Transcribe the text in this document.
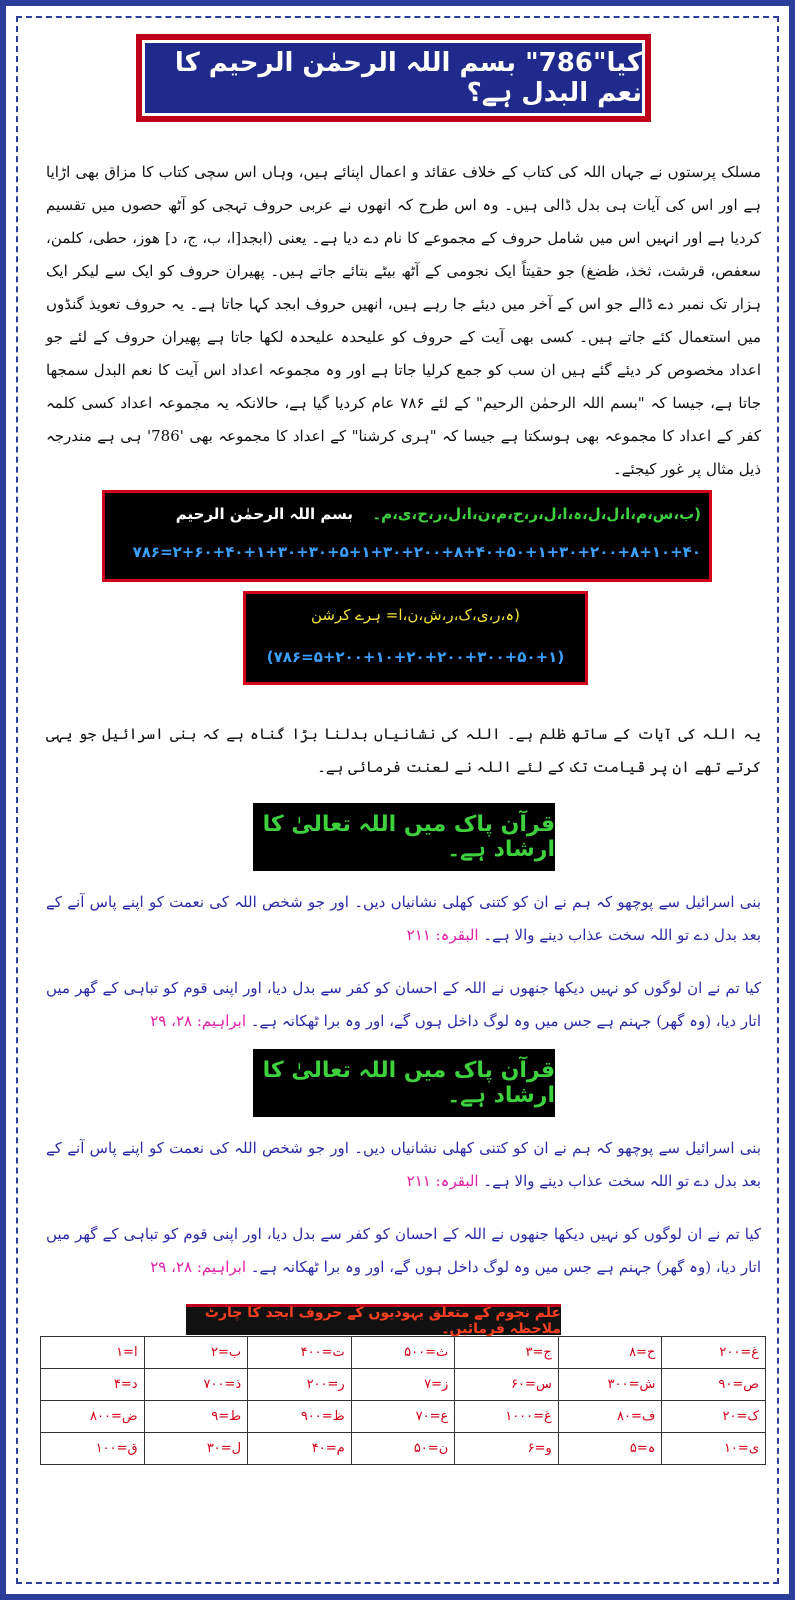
کیا"786" بسم اللہ الرحمٰن الرحیم کا نعم البدل ہے؟
مسلک پرستوں نے جہاں اللہ کی کتاب کے خلاف عقائد و اعمال اپنائے ہیں، وہاں اس سچی کتاب کا مزاق بھی اڑایا ہے اور اس کی آیات ہی بدل ڈالی ہیں۔ وہ اس طرح کہ انھوں نے عربی حروف تہجی کو آٹھ حصوں میں تقسیم کردیا ہے اور انہیں اس میں شامل حروف کے مجموعے کا نام دے دیا ہے۔ یعنی (ابجد[ا، ب، ج، د] ھوز، حطی، کلمن، سعفص، قرشت، ثخذ، ظضغ) جو حقیتاً ایک نجومی کے آٹھ بیٹے بتائے جاتے ہیں۔ پھیران حروف کو ایک سے لیکر ایک ہزار تک نمبر دے ڈالے جو اس کے آخر میں دیئے جا رہے ہیں، انھیں حروف ابجد کہا جاتا ہے۔ یہ حروف تعویذ گنڈوں میں استعمال کئے جاتے ہیں۔ کسی بھی آیت کے حروف کو علیحدہ علیحدہ لکھا جاتا ہے پھیران حروف کے لئے جو اعداد مخصوص کر دیئے گئے ہیں ان سب کو جمع کرلیا جاتا ہے اور وہ مجموعہ اعداد اس آیت کا نعم البدل سمجھا جاتا ہے، جیسا کہ "بسم اللہ الرحمٰن الرحیم" کے لئے ۷۸۶ عام کردیا گیا ہے، حالانکہ یہ مجموعہ اعداد کسی کلمہ کفر کے اعداد کا مجموعہ بھی ہوسکتا ہے جیسا کہ "ہری کرشنا" کے اعداد کا مجموعہ بھی '786' ہی ہے مندرجہ ذیل مثال پر غور کیجئے۔
(ب،س،م،ا،ل،ل،ہ،ا،ل،ر،ح،م،ن،ا،ل،ر،ح،ی،م۔ بسم اللہ الرحمٰن الرحیم
۲+۶۰+۴۰+۱+۳۰+۳۰+۵+۱+۳۰+۲۰۰+۸+۴۰+۵۰+۱+۳۰+۲۰۰+۸+۱۰+۴۰=۷۸۶
(ہ،ر،ی،ک،ر،ش،ن،ا= ہرے کرشن
(۵+۲۰۰+۱۰+۲۰+۲۰۰+۳۰۰+۵۰+۱=۷۸۶)
یہ اللہ کی آیات کے ساتھ ظلم ہے۔ اللہ کی نشانیاں بدلنا بڑا گناہ ہے کہ بنی اسرائیل جو یہی کرتے تھے ان پر قیامت تک کے لئے اللہ نے لعنت فرمائی ہے۔
قرآن پاک میں اللہ تعالیٰ کا ارشاد ہے۔
بنی اسرائیل سے پوچھو کہ ہم نے ان کو کتنی کھلی نشانیاں دیں۔ اور جو شخص اللہ کی نعمت کو اپنے پاس آنے کے بعد بدل دے تو اللہ سخت عذاب دینے والا ہے۔ البقرہ: ۲۱۱
کیا تم نے ان لوگوں کو نہیں دیکھا جنھوں نے اللہ کے احسان کو کفر سے بدل دیا، اور اپنی قوم کو تباہی کے گھر میں اتار دیا، (وہ گھر) جہنم ہے جس میں وہ لوگ داخل ہوں گے، اور وہ برا ٹھکانہ ہے۔ ابراہیم: ۲۸، ۲۹
قرآن پاک میں اللہ تعالیٰ کا ارشاد ہے۔
بنی اسرائیل سے پوچھو کہ ہم نے ان کو کتنی کھلی نشانیاں دیں۔ اور جو شخص اللہ کی نعمت کو اپنے پاس آنے کے بعد بدل دے تو اللہ سخت عذاب دینے والا ہے۔ البقرہ: ۲۱۱
کیا تم نے ان لوگوں کو نہیں دیکھا جنھوں نے اللہ کے احسان کو کفر سے بدل دیا، اور اپنی قوم کو تباہی کے گھر میں اتار دیا، (وہ گھر) جہنم ہے جس میں وہ لوگ داخل ہوں گے، اور وہ برا ٹھکانہ ہے۔ ابراہیم: ۲۸، ۲۹
علم نجوم کے متعلق یہودیوں کے حروف ابجد کا چارٹ ملاحظہ فرمائیں۔
ا=۱	ب=۲	ت=۴۰۰	ث=۵۰۰	ج=۳	ح=۸	غ=۲۰۰
د=۴	ذ=۷۰۰	ر=۲۰۰	ز=۷	س=۶۰	ش=۳۰۰	ص=۹۰
ض=۸۰۰	ط=۹	ظ=۹۰۰	ع=۷۰	غ=۱۰۰۰	ف=۸۰	ک=۲۰
ق=۱۰۰	ل=۳۰	م=۴۰	ن=۵۰	و=۶	ہ=۵	ی=۱۰
